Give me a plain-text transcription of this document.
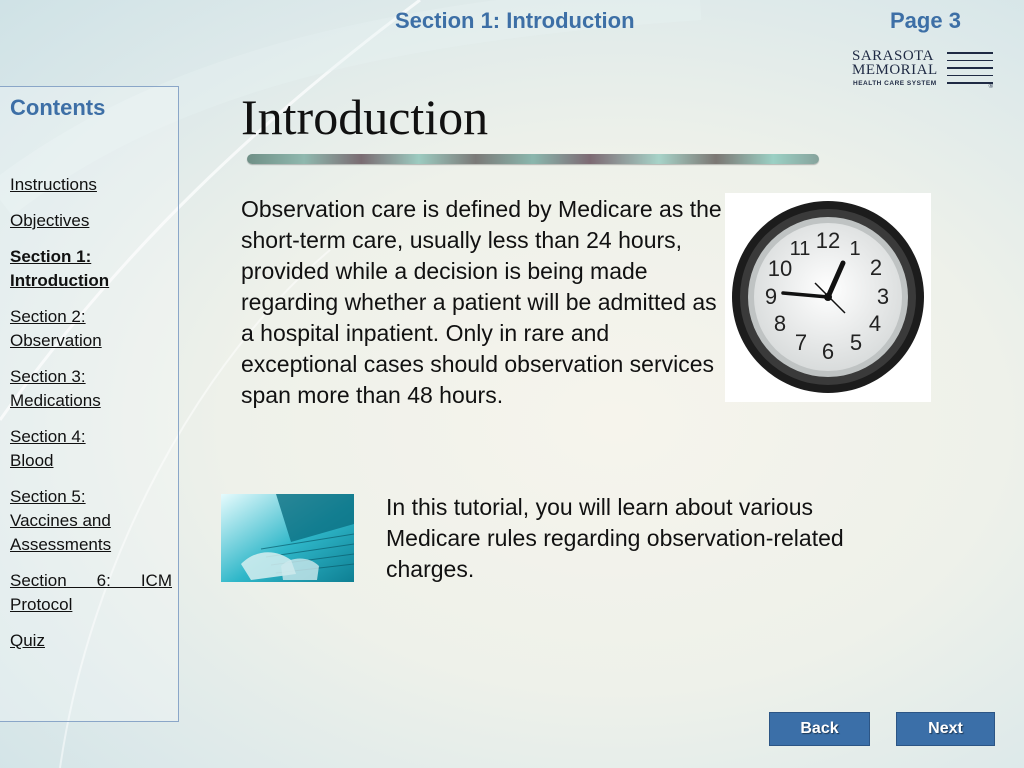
Section 1: Introduction	Page 3
SARASOTA
MEMORIAL
HEALTH CARE SYSTEM	®
Contents
Instructions
Objectives
Section 1:
Introduction
Section 2:
Observation
Section 3:
Medications
Section 4:
Blood
Section 5:
Vaccines and
Assessments
Section 6: ICM Protocol
Quiz
Introduction
Observation care is defined by Medicare as the short-term care, usually less than 24 hours, provided while a decision is being made regarding whether a patient will be admitted as a hospital inpatient. Only in rare and exceptional cases should observation services span more than 48 hours.
12 1
2
3
4
5
6
7
8
9
10
11
In this tutorial, you will learn about various Medicare rules regarding observation-related charges.
Back	Next
